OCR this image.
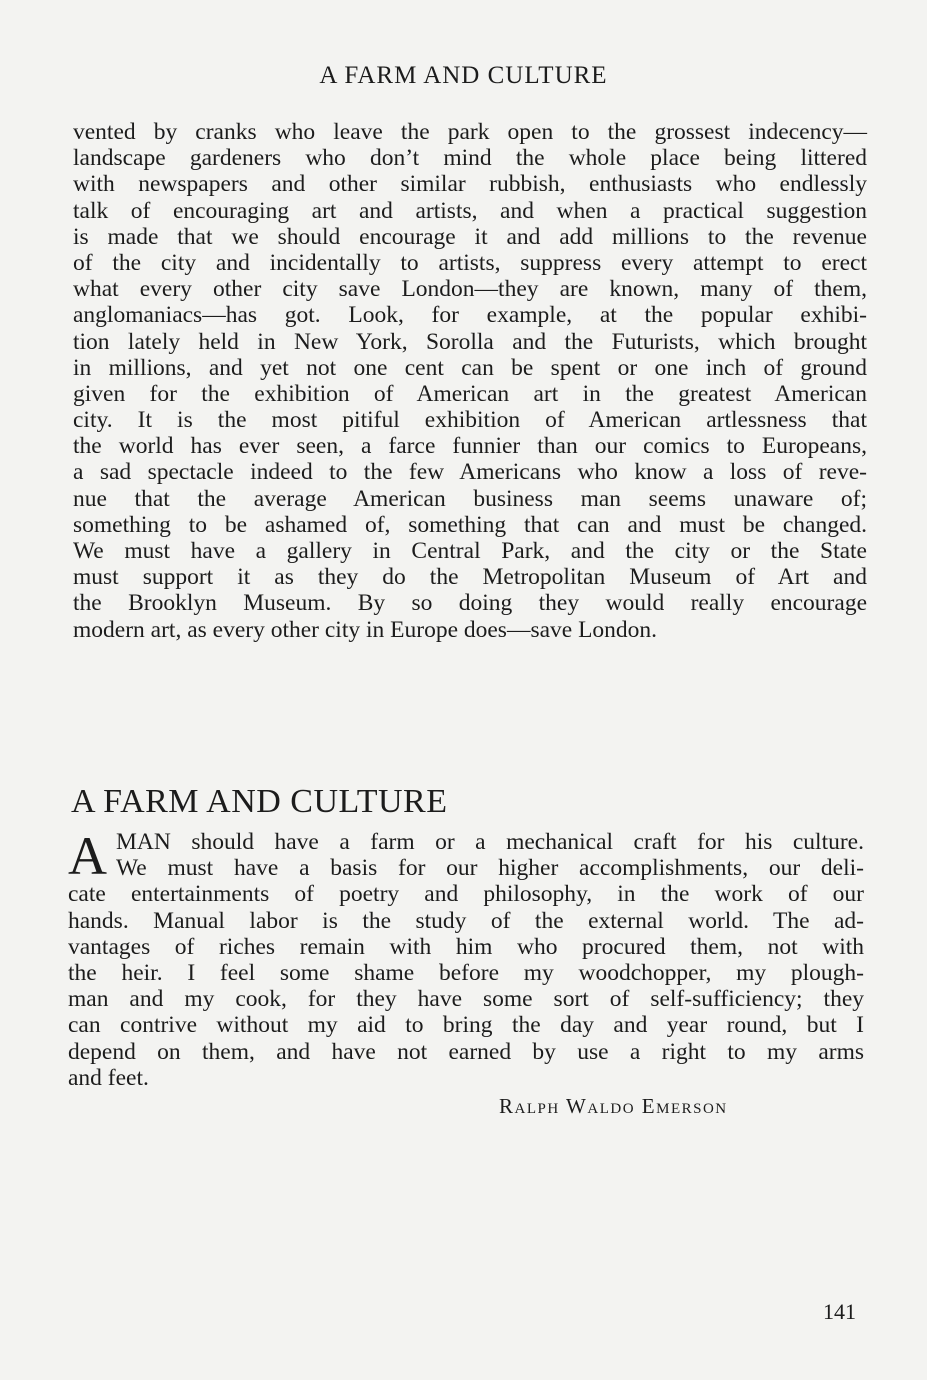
A FARM AND CULTURE
vented by cranks who leave the park open to the grossest indecency—
landscape gardeners who don’t mind the whole place being littered
with newspapers and other similar rubbish, enthusiasts who endlessly
talk of encouraging art and artists, and when a practical suggestion
is made that we should encourage it and add millions to the revenue
of the city and incidentally to artists, suppress every attempt to erect
what every other city save London—they are known, many of them,
anglomaniacs—has got. Look, for example, at the popular exhibi-
tion lately held in New York, Sorolla and the Futurists, which brought
in millions, and yet not one cent can be spent or one inch of ground
given for the exhibition of American art in the greatest American
city. It is the most pitiful exhibition of American artlessness that
the world has ever seen, a farce funnier than our comics to Europeans,
a sad spectacle indeed to the few Americans who know a loss of reve-
nue that the average American business man seems unaware of;
something to be ashamed of, something that can and must be changed.
We must have a gallery in Central Park, and the city or the State
must support it as they do the Metropolitan Museum of Art and
the Brooklyn Museum. By so doing they would really encourage
modern art, as every other city in Europe does—save London.
A FARM AND CULTURE
A MAN should have a farm or a mechanical craft for his culture.
We must have a basis for our higher accomplishments, our deli-
cate entertainments of poetry and philosophy, in the work of our
hands. Manual labor is the study of the external world. The ad-
vantages of riches remain with him who procured them, not with
the heir. I feel some shame before my woodchopper, my plough-
man and my cook, for they have some sort of self-sufficiency; they
can contrive without my aid to bring the day and year round, but I
depend on them, and have not earned by use a right to my arms
and feet.
Ralph Waldo Emerson
141
